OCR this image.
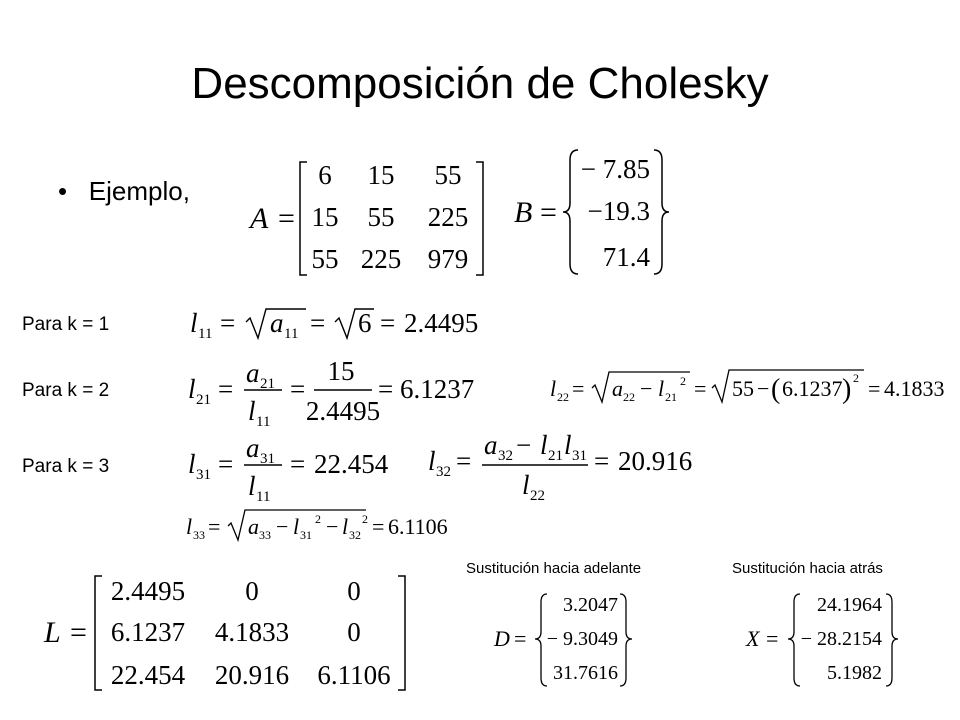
Descomposición de Cholesky
• Ejemplo,
Para k = 1
Para k = 2
Para k = 3
Sustitución hacia adelante	Sustitución hacia atrás
A =
6 15 55
15 55 225
55 225 979
B =
− 7.85
−19.3
71.4
l 11 = a 11 = 6 = 2.4495
l 21 =
a 21
l 11
=
15
2.4495
= 6.1237	l 22 = a 22 − l 21
2 = 55 − ( 6.1237 ) 2 = 4.1833
l 31 =
a 31
l 11
= 22.454 l 32 =
a 32 − l 21 l 31
l 22
= 20.916
l 33 = a 33 − l 31
2 − l 32
2 = 6.1106
L =
2.4495 0	0
6.1237 4.1833 0
22.454 20.916 6.1106
D =
3.2047
− 9.3049
31.7616
X =
24.1964
− 28.2154
5.1982
